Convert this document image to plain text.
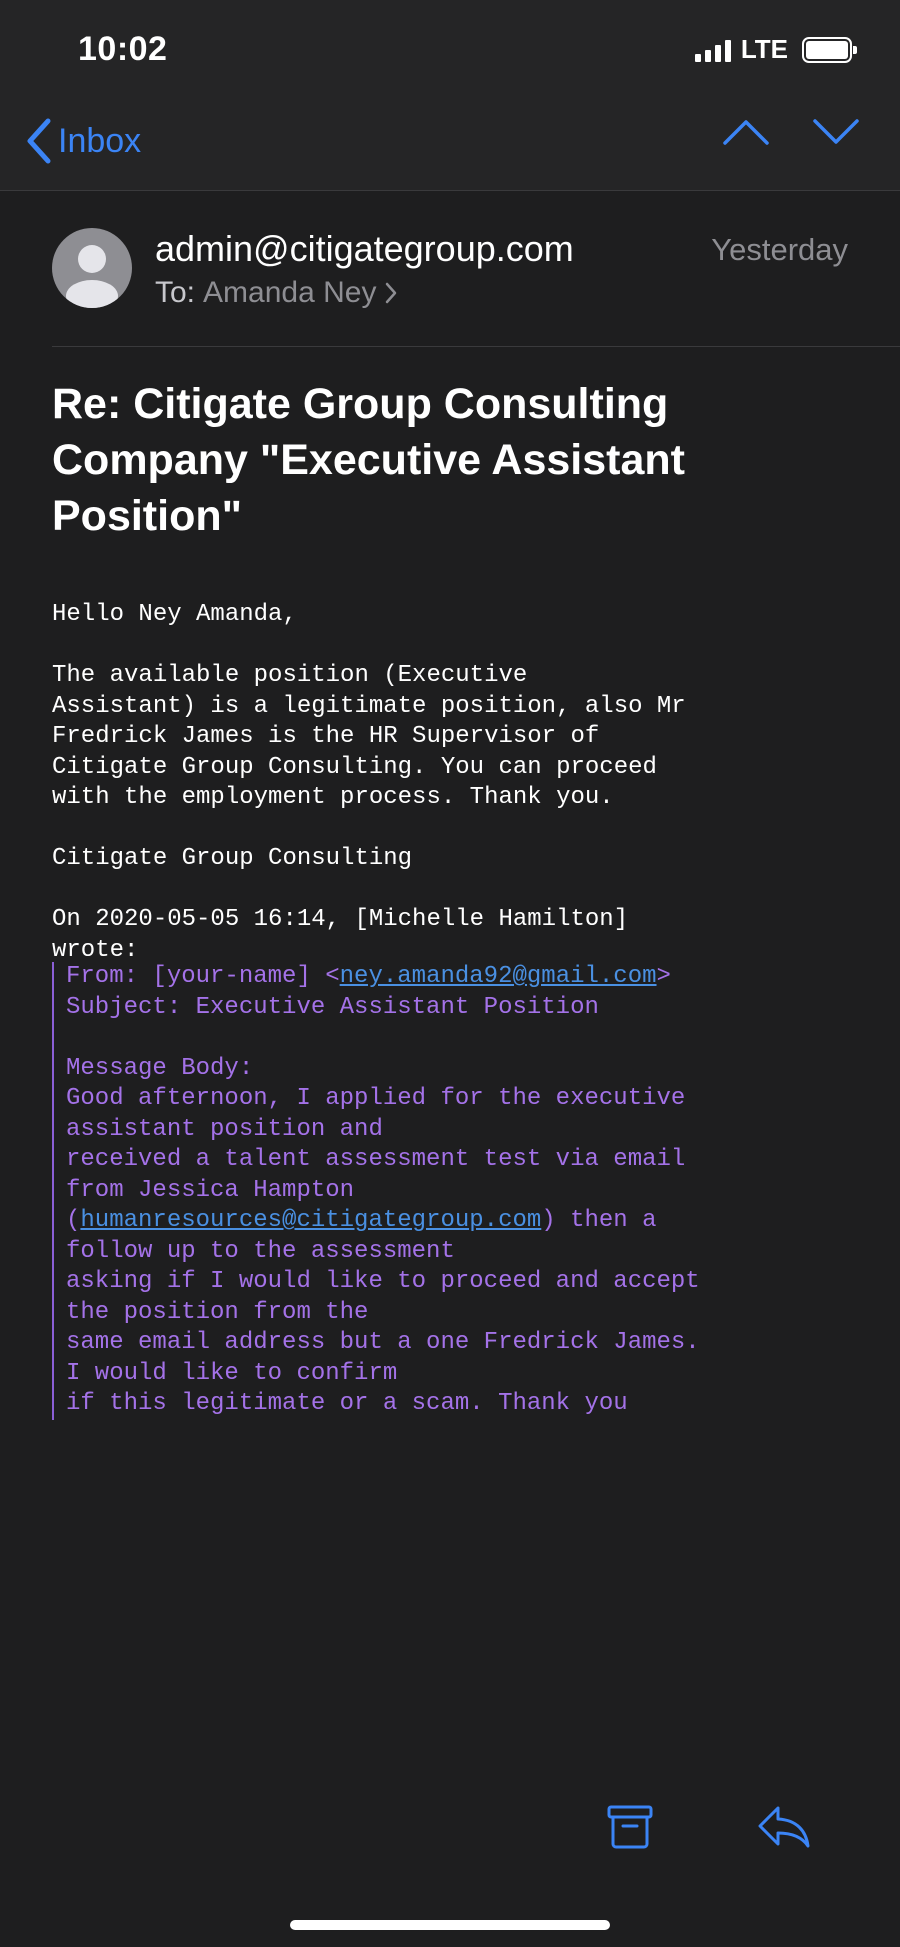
10:02	LTE
Inbox
admin@citigategroup.com	Yesterday
To: Amanda Ney
Re: Citigate Group Consulting Company "Executive Assistant Position"
Hello Ney Amanda,

The available position (Executive
Assistant) is a legitimate position, also Mr
Fredrick James is the HR Supervisor of
Citigate Group Consulting. You can proceed
with the employment process. Thank you.

Citigate Group Consulting

On 2020-05-05 16:14, [Michelle Hamilton]
wrote:
From: [your-name] <ney.amanda92@gmail.com>
Subject: Executive Assistant Position

Message Body:
Good afternoon, I applied for the executive
assistant position and
received a talent assessment test via email
from Jessica Hampton
(humanresources@citigategroup.com) then a
follow up to the assessment
asking if I would like to proceed and accept
the position from the
same email address but a one Fredrick James.
I would like to confirm
if this legitimate or a scam. Thank you
